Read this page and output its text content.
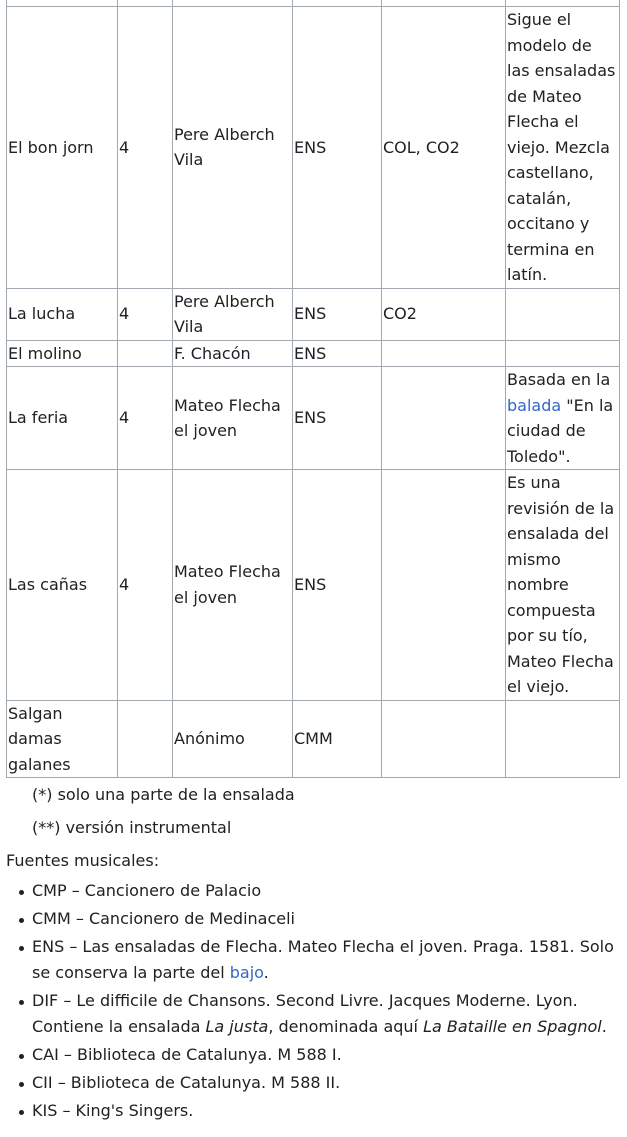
El bon jorn	4	Pere Alberch Vila	ENS	COL, CO2	Sigue el modelo de las ensaladas de Mateo Flecha el viejo. Mezcla castellano, catalán, occitano y termina en latín.
La lucha	4	Pere Alberch Vila	ENS	CO2	
El molino		F. Chacón	ENS		
La feria	4	Mateo Flecha el joven	ENS		Basada en la balada "En la ciudad de Toledo".
Las cañas	4	Mateo Flecha el joven	ENS		Es una revisión de la ensalada del mismo nombre compuesta por su tío, Mateo Flecha el viejo.
Salgan damas galanes		Anónimo	CMM		

(*) solo una parte de la ensalada

(**) versión instrumental

Fuentes musicales:

CMP – Cancionero de Palacio
CMM – Cancionero de Medinaceli
ENS – Las ensaladas de Flecha. Mateo Flecha el joven. Praga. 1581. Solo se conserva la parte del bajo.
DIF – Le difficile de Chansons. Second Livre. Jacques Moderne. Lyon. Contiene la ensalada La justa, denominada aquí La Bataille en Spagnol.
CAI – Biblioteca de Catalunya. M 588 I.
CII – Biblioteca de Catalunya. M 588 II.
KIS – King's Singers.
